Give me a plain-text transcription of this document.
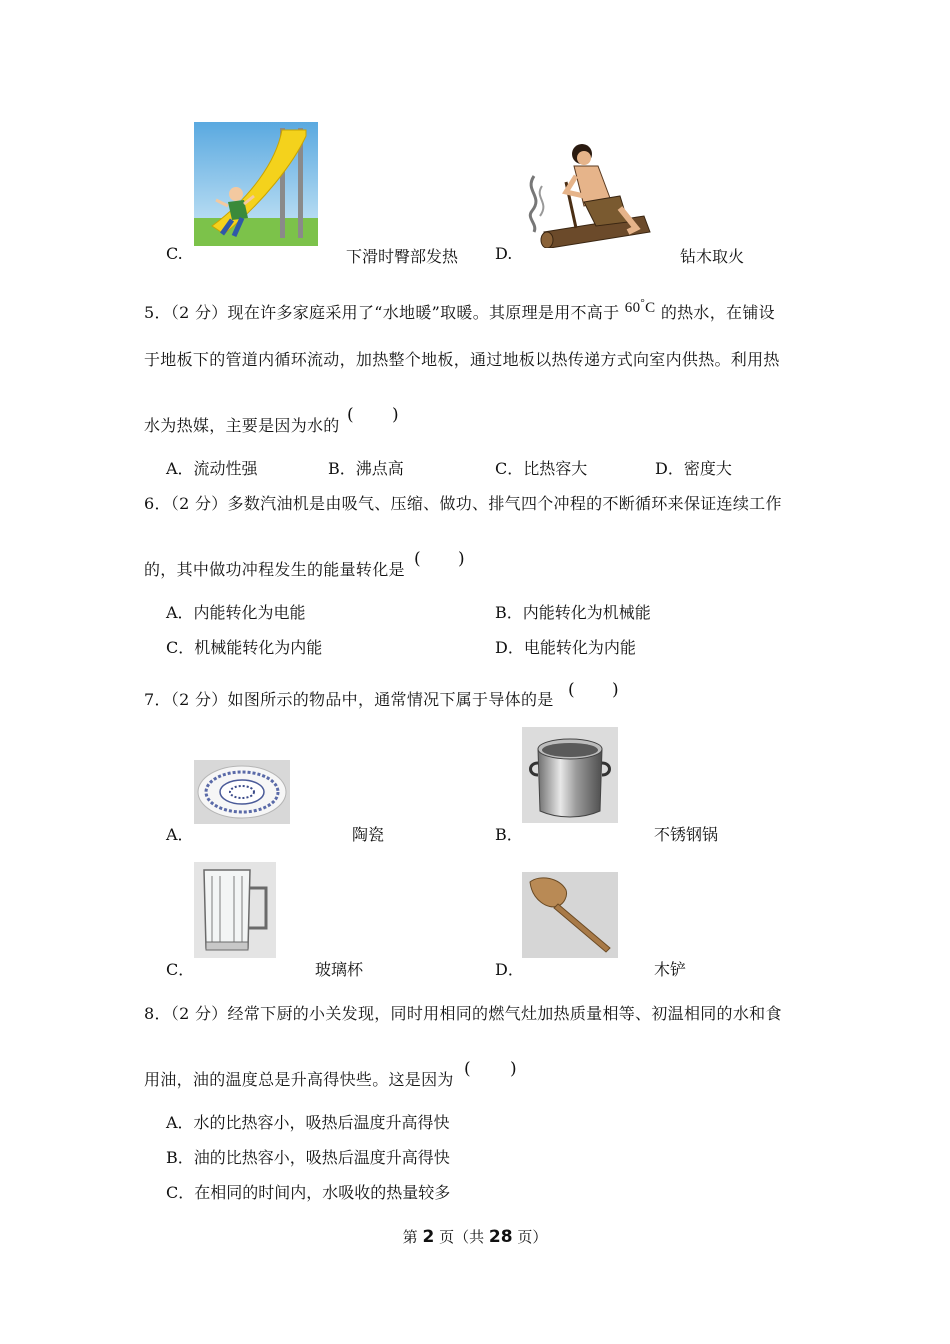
C.	下滑时臀部发热 D.	钻木取火
5．（2 分）现在许多家庭采用了“水地暖”取暖。其原理是用不高于 60°C 的热水，在铺设
于地板下的管道内循环流动，加热整个地板，通过地板以热传递方式向室内供热。利用热
水为热媒，主要是因为水的
( )
A．流动性强	B．沸点高	C．比热容大	D．密度大
6．（2 分）多数汽油机是由吸气、压缩、做功、排气四个冲程的不断循环来保证连续工作
的，其中做功冲程发生的能量转化是
( )
A．内能转化为电能	B．内能转化为机械能
C．机械能转化为内能	D．电能转化为内能
7．（2 分）如图所示的物品中，通常情况下属于导体的是 ( )
A．	陶瓷	B．	不锈钢锅
C．	玻璃杯	D．	木铲
8．（2 分）经常下厨的小关发现，同时用相同的燃气灶加热质量相等、初温相同的水和食
用油，油的温度总是升高得快些。这是因为
( )
A．水的比热容小，吸热后温度升高得快
B．油的比热容小，吸热后温度升高得快
C．在相同的时间内，水吸收的热量较多
第 2 页（共 28 页）
